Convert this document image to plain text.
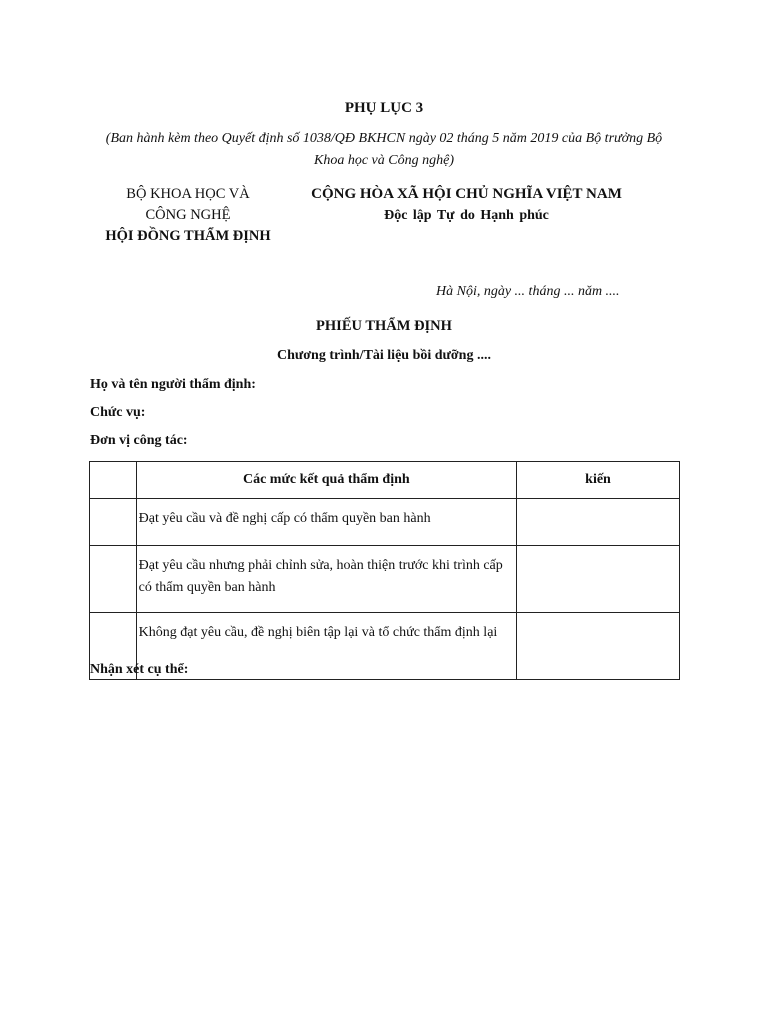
PHỤ LỤC 3
(Ban hành kèm theo Quyết định số 1038/QĐ BKHCN ngày 02 tháng 5 năm 2019 của Bộ trưởng Bộ Khoa học và Công nghệ)
BỘ KHOA HỌC VÀ
CÔNG NGHỆ
HỘI ĐỒNG THẨM ĐỊNH
CỘNG HÒA XÃ HỘI CHỦ NGHĨA VIỆT NAM
Độc lập Tự do Hạnh phúc
Hà Nội, ngày ... tháng ... năm ....
PHIẾU THẨM ĐỊNH
Chương trình/Tài liệu bồi dưỡng ....
Họ và tên người thẩm định:
Chức vụ:
Đơn vị công tác:
	Các mức kết quả thẩm định	kiến
	Đạt yêu cầu và đề nghị cấp có thẩm quyền ban hành	
	Đạt yêu cầu nhưng phải chỉnh sửa, hoàn thiện trước khi trình cấp có thẩm quyền ban hành	
	Không đạt yêu cầu, đề nghị biên tập lại và tổ chức thẩm định lại	
Nhận xét cụ thể:
